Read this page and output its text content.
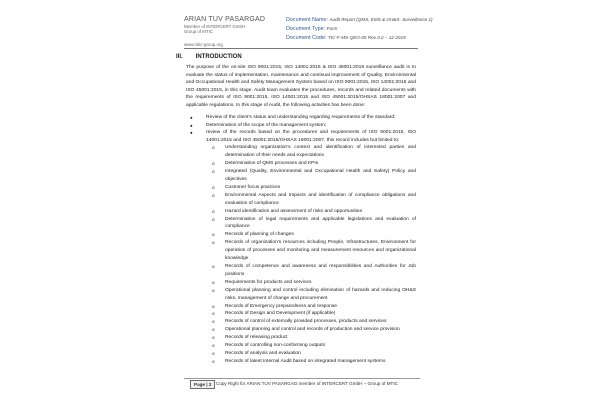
ARIAN TUV PASARGAD
Member of INTERCERT GmbH
Group of MTIC
www.mtic-group.org
Document Name: Audit Report (QMS, EMS & OH&S- Surveillance 1)
Document Type: Form
Document Code: TIC-F-MS-QEO-05 Rev 0.2 – 12-2019
III. INTRODUCTION

The purpose of the on-site ISO 9001:2015, ISO 14001:2015 & ISO 45001:2018 surveillance audit is to evaluate the status of implementation, maintenance and continual improvement of Quality, Environmental and Occupational Health and Safety Management System based on ISO 9001:2015, ISO 14001:2015 and ISO 45001:2015, in this stage, Audit team evaluates the procedures, records and related documents with the requirements of ISO 9001:2015, ISO 14001:2015 and ISO 45001:2015/OHSAS 18001:2007 and applicable regulations. In this stage of Audit, the following activities has been done:

●	Review of the client’s status and understanding regarding requirements of the standard;
●	Determination of the scope of the management system;
●	review of the records based on the procedures and requirements of ISO 9001:2015, ISO 14001:2015 and ISO 45001:2015/OHSAS 18001:2007, this record includes but limited to:
o Understanding organization’s context and identification of interested parties and determination of their needs and expectations
o Determination of QMS processes and KPIs
o Integrated (Quality, Environmental and Occupational Health and Safety) Policy and objectives
o Customer focus practices
o Environmental Aspects and Impacts and identification of compliance obligations and evaluation of compliance
o Hazard identification and assessment of risks and opportunities
o Determination of legal requirements and applicable legislations and evaluation of compliance
o Records of planning of changes
o Records of organization’s resources including People, Infrastructures, Environment for operation of processes and monitoring and measurement resources and organizational knowledge
o Records of competence and awareness and responsibilities and Authorities for Job positions
o Requirements for products and services
o Operational planning and control including elimination of hazards and reducing OH&S risks, management of change and procurement
o Records of Emergency preparedness and response
o Records of Design and Development (if applicable)
o Records of control of externally provided processes, products and services
o Operational planning and control and records of production and service provision
o Records of releasing product
o Records of controlling non-conforming outputs
o Records of analysis and evaluation
o Records of latest Internal Audit based on integrated management systems
Page | 2	Copy Right for ARIAN TUV PASARGAD member of INTERCERT GmbH – Group of MTIC
